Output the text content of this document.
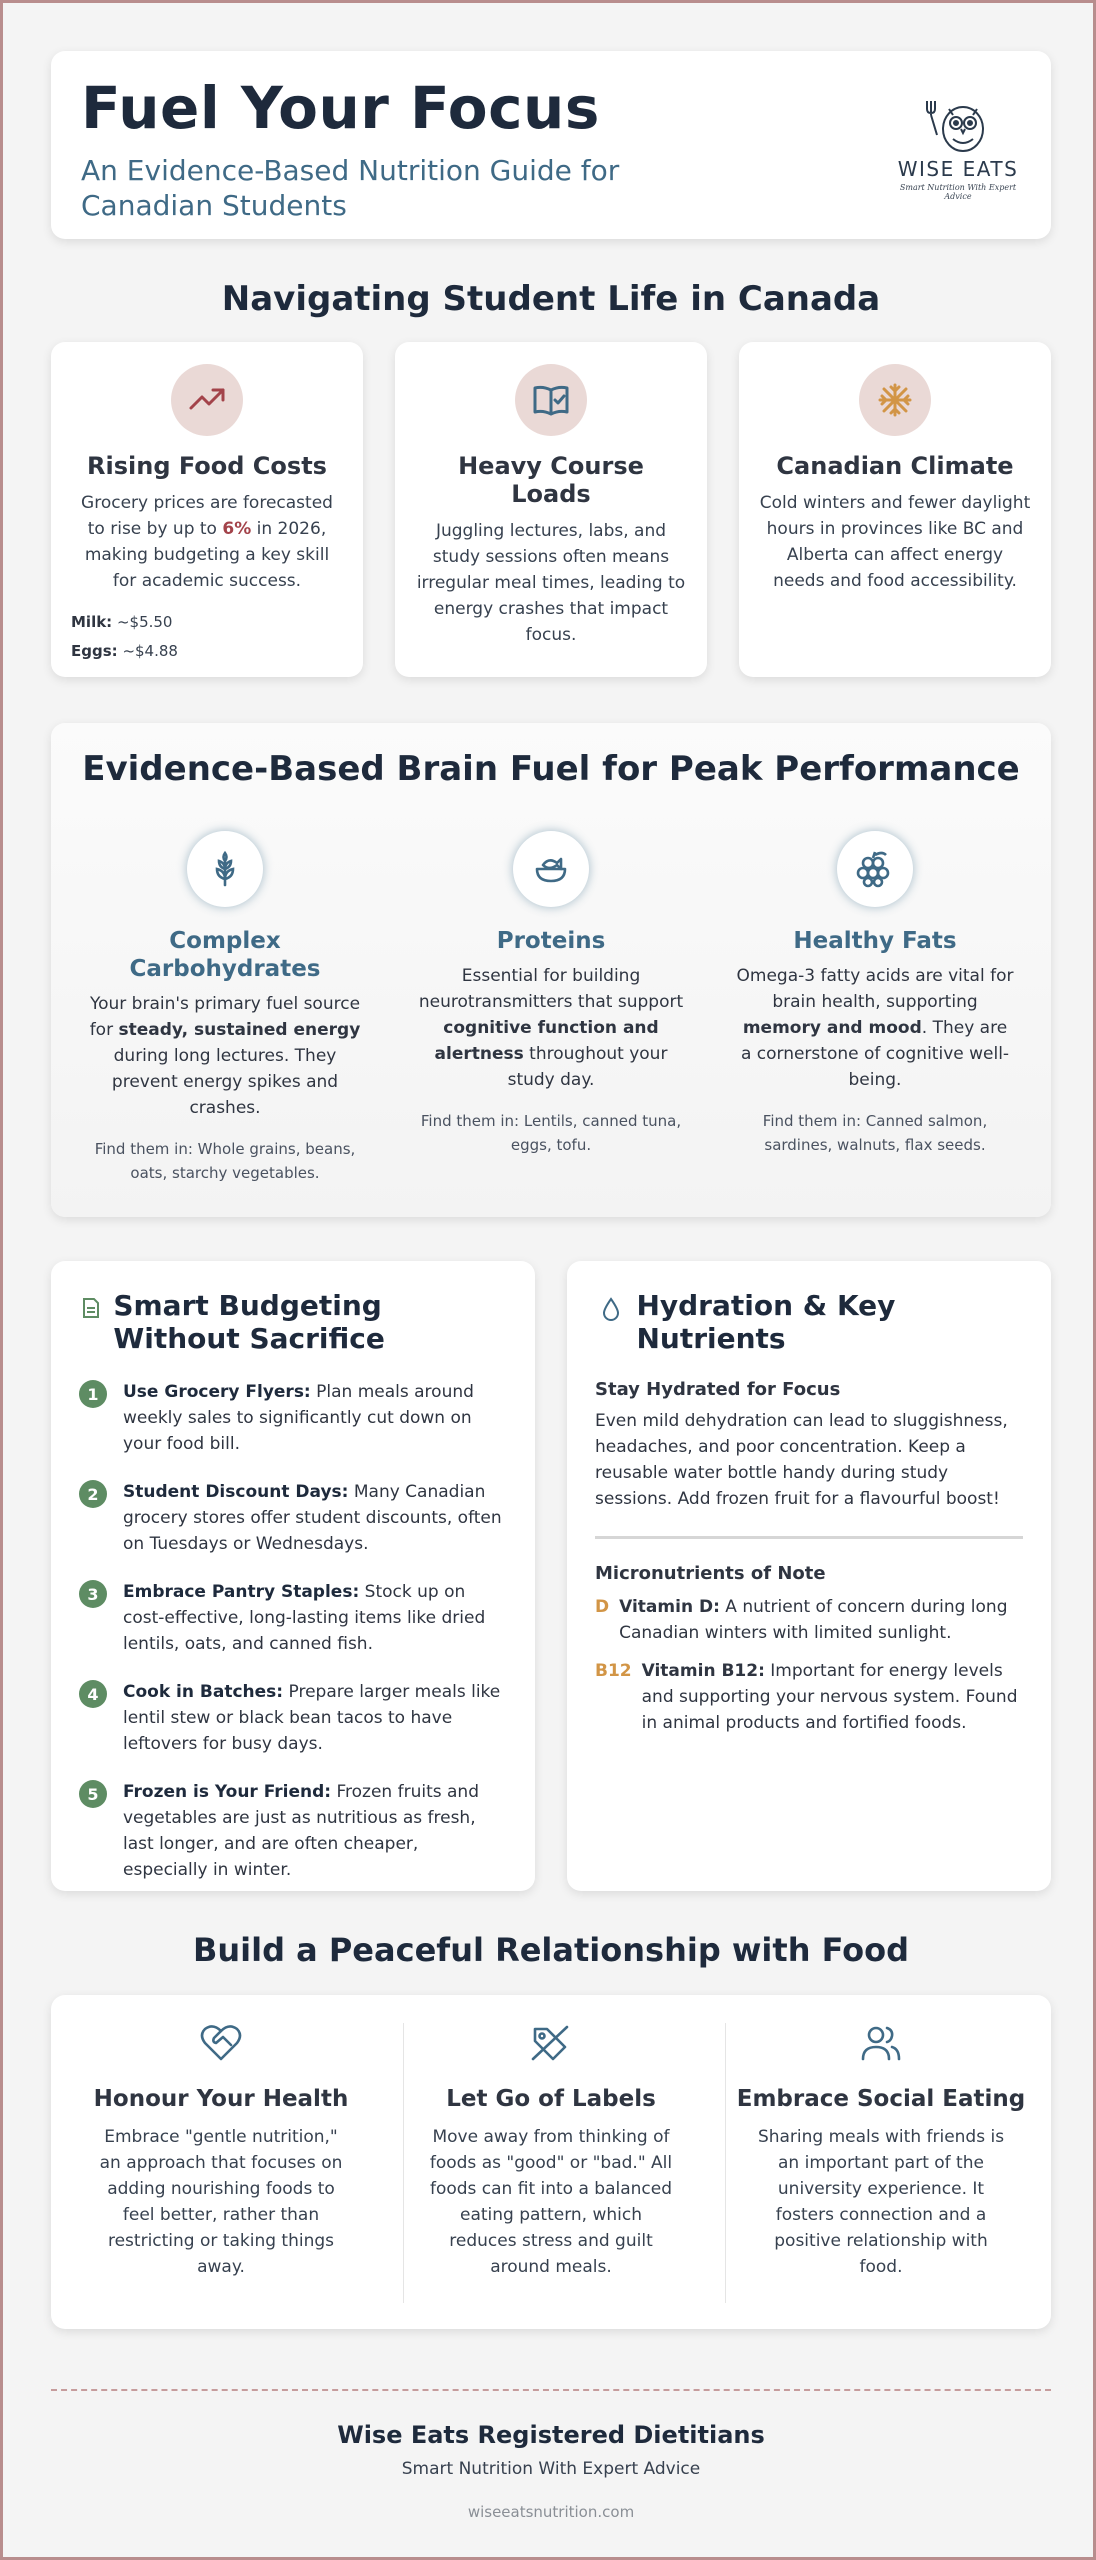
Fuel Your Focus
An Evidence-Based Nutrition Guide for Canadian Students
WISE EATS
Smart Nutrition With Expert Advice
Navigating Student Life in Canada
Rising Food Costs

Grocery prices are forecasted to rise by up to 6% in 2026, making budgeting a key skill for academic success.

Milk: ~$5.50
Eggs: ~$4.88
Heavy Course Loads

Juggling lectures, labs, and study sessions often means irregular meal times, leading to energy crashes that impact focus.

Canadian Climate

Cold winters and fewer daylight hours in provinces like BC and Alberta can affect energy needs and food accessibility.

Evidence-Based Brain Fuel for Peak Performance
Complex Carbohydrates

Your brain's primary fuel source for steady, sustained energy during long lectures. They prevent energy spikes and crashes.

Find them in: Whole grains, beans, oats, starchy vegetables.
Proteins

Essential for building neurotransmitters that support cognitive function and alertness throughout your study day.

Find them in: Lentils, canned tuna, eggs, tofu.
Healthy Fats

Omega-3 fatty acids are vital for brain health, supporting memory and mood. They are a cornerstone of cognitive well-being.

Find them in: Canned salmon, sardines, walnuts, flax seeds.
Smart Budgeting Without Sacrifice
1	Use Grocery Flyers: Plan meals around weekly sales to significantly cut down on your food bill.
2	Student Discount Days: Many Canadian grocery stores offer student discounts, often on Tuesdays or Wednesdays.
3	Embrace Pantry Staples: Stock up on cost-effective, long-lasting items like dried lentils, oats, and canned fish.
4	Cook in Batches: Prepare larger meals like lentil stew or black bean tacos to have leftovers for busy days.
5	Frozen is Your Friend: Frozen fruits and vegetables are just as nutritious as fresh, last longer, and are often cheaper, especially in winter.
Hydration & Key Nutrients
Stay Hydrated for Focus

Even mild dehydration can lead to sluggishness, headaches, and poor concentration. Keep a reusable water bottle handy during study sessions. Add frozen fruit for a flavourful boost!

Micronutrients of Note
D Vitamin D: A nutrient of concern during long Canadian winters with limited sunlight.
B12 Vitamin B12: Important for energy levels and supporting your nervous system. Found in animal products and fortified foods.
Build a Peaceful Relationship with Food
Honour Your Health

Embrace "gentle nutrition," an approach that focuses on adding nourishing foods to feel better, rather than restricting or taking things away.

Let Go of Labels

Move away from thinking of foods as "good" or "bad." All foods can fit into a balanced eating pattern, which reduces stress and guilt around meals.

Embrace Social Eating

Sharing meals with friends is an important part of the university experience. It fosters connection and a positive relationship with food.

Wise Eats Registered Dietitians
Smart Nutrition With Expert Advice
wiseeatsnutrition.com
